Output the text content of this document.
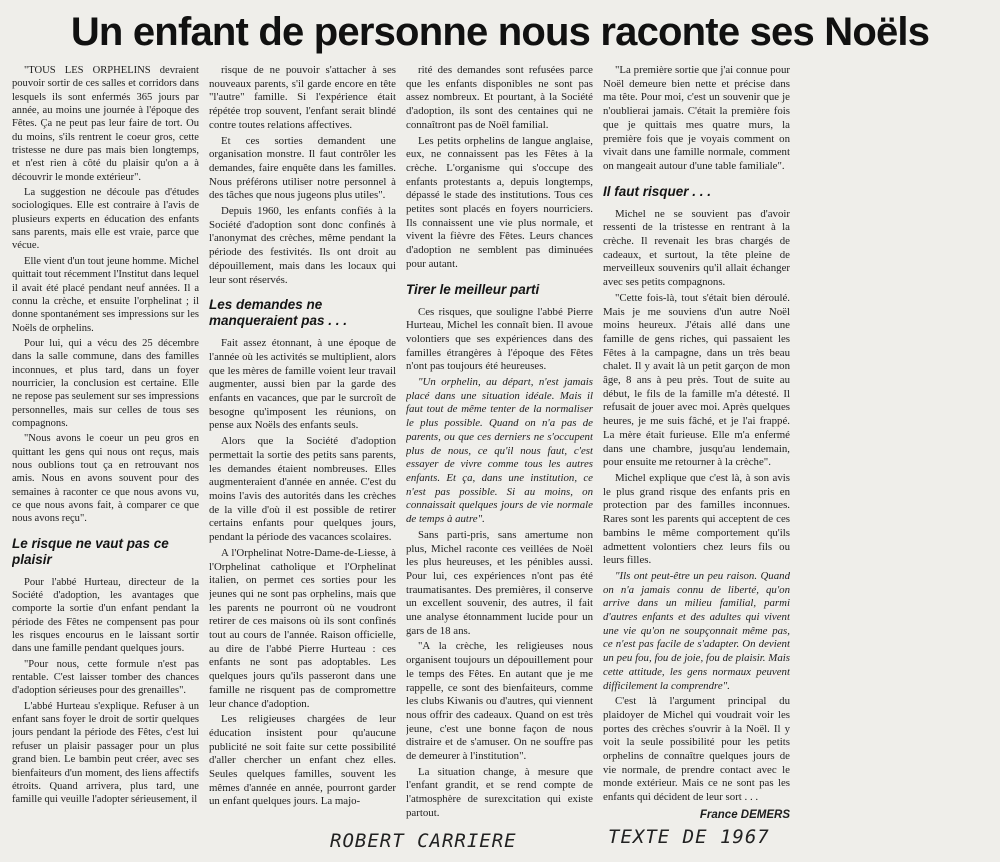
Un enfant de personne nous raconte ses Noëls

"TOUS LES ORPHELINS devraient pouvoir sortir de ces salles et corridors dans lesquels ils sont enfermés 365 jours par année, au moins une journée à l'époque des Fêtes. Ça ne peut pas leur faire de tort. Ou du moins, s'ils rentrent le coeur gros, cette tristesse ne dure pas mais bien longtemps, et n'est rien à côté du plaisir qu'on a à découvrir le monde extérieur".

La suggestion ne découle pas d'études sociologiques. Elle est contraire à l'avis de plusieurs experts en éducation des enfants sans parents, mais elle est vraie, parce que vécue.

Elle vient d'un tout jeune homme. Michel quittait tout récemment l'Institut dans lequel il avait été placé pendant neuf années. Il a connu la crèche, et ensuite l'orphelinat ; il donne spontanément ses impressions sur les Noëls de orphelins.

Pour lui, qui a vécu des 25 décembre dans la salle commune, dans des familles inconnues, et plus tard, dans un foyer nourricier, la conclusion est certaine. Elle ne repose pas seulement sur ses impressions personnelles, mais sur celles de tous ses compagnons.

"Nous avons le coeur un peu gros en quittant les gens qui nous ont reçus, mais nous oublions tout ça en retrouvant nos amis. Nous en avons souvent pour des semaines à raconter ce que nous avons vu, ce que nous avons fait, à comparer ce que nous avons reçu".

Le risque ne vaut pas ce plaisir

Pour l'abbé Hurteau, directeur de la Société d'adoption, les avantages que comporte la sortie d'un enfant pendant la période des Fêtes ne compensent pas pour les risques encourus en le laissant sortir dans une famille pendant quelques jours.

"Pour nous, cette formule n'est pas rentable. C'est laisser tomber des chances d'adoption sérieuses pour des grenailles".

L'abbé Hurteau s'explique. Refuser à un enfant sans foyer le droit de sortir quelques jours pendant la période des Fêtes, c'est lui refuser un plaisir passager pour un plus grand bien. Le bambin peut créer, avec ses bienfaiteurs d'un moment, des liens affectifs étroits. Quand arrivera, plus tard, une famille qui veuille l'adopter sérieusement, il

risque de ne pouvoir s'attacher à ses nouveaux parents, s'il garde encore en tête "l'autre" famille. Si l'expérience était répétée trop souvent, l'enfant serait blindé contre toutes relations affectives.

Et ces sorties demandent une organisation monstre. Il faut contrôler les demandes, faire enquête dans les familles. Nous préférons utiliser notre personnel à des tâches que nous jugeons plus utiles".

Depuis 1960, les enfants confiés à la Société d'adoption sont donc confinés à l'anonymat des crèches, même pendant la période des festivités. Ils ont droit au dépouillement, mais dans les locaux qui leur sont réservés.

Les demandes ne manqueraient pas . . .

Fait assez étonnant, à une époque de l'année où les activités se multiplient, alors que les mères de famille voient leur travail augmenter, aussi bien par la garde des enfants en vacances, que par le surcroît de besogne qu'imposent les réunions, on pense aux Noëls des enfants seuls.

Alors que la Société d'adoption permettait la sortie des petits sans parents, les demandes étaient nombreuses. Elles augmenteraient d'année en année. C'est du moins l'avis des autorités dans les crèches de la ville d'où il est possible de retirer certains enfants pour quelques jours, pendant la période des vacances scolaires.

A l'Orphelinat Notre-Dame-de-Liesse, à l'Orphelinat catholique et l'Orphelinat italien, on permet ces sorties pour les jeunes qui ne sont pas orphelins, mais que les parents ne pourront où ne voudront retirer de ces maisons où ils sont confinés tout au cours de l'année. Raison officielle, au dire de l'abbé Pierre Hurteau : ces enfants ne sont pas adoptables. Les quelques jours qu'ils passeront dans une famille ne risquent pas de compromettre leur chance d'adoption.

Les religieuses chargées de leur éducation insistent pour qu'aucune publicité ne soit faite sur cette possibilité d'aller chercher un enfant chez elles. Seules quelques familles, souvent les mêmes d'année en année, pourront garder un enfant quelques jours. La majo-

rité des demandes sont refusées parce que les enfants disponibles ne sont pas assez nombreux. Et pourtant, à la Société d'adoption, ils sont des centaines qui ne connaîtront pas de Noël familial.

Les petits orphelins de langue anglaise, eux, ne connaissent pas les Fêtes à la crèche. L'organisme qui s'occupe des enfants protestants a, depuis longtemps, dépassé le stade des institutions. Tous ces petites sont placés en foyers nourriciers. Ils connaissent une vie plus normale, et vivent la fièvre des Fêtes. Leurs chances d'adoption ne semblent pas diminuées pour autant.

Tirer le meilleur parti

Ces risques, que souligne l'abbé Pierre Hurteau, Michel les connaît bien. Il avoue volontiers que ses expériences dans des familles étrangères à l'époque des Fêtes n'ont pas toujours été heureuses.

"Un orphelin, au départ, n'est jamais placé dans une situation idéale. Mais il faut tout de même tenter de la normaliser le plus possible. Quand on n'a pas de parents, ou que ces derniers ne s'occupent plus de nous, ce qu'il nous faut, c'est essayer de vivre comme tous les autres enfants. Et ça, dans une institution, ce n'est pas possible. Si au moins, on connaissait quelques jours de vie normale de temps à autre".

Sans parti-pris, sans amertume non plus, Michel raconte ces veillées de Noël les plus heureuses, et les pénibles aussi. Pour lui, ces expériences n'ont pas été traumatisantes. Des premières, il conserve un excellent souvenir, des autres, il fait une analyse étonnamment lucide pour un gars de 18 ans.

"A la crèche, les religieuses nous organisent toujours un dépouillement pour le temps des Fêtes. En autant que je me rappelle, ce sont des bienfaiteurs, comme les clubs Kiwanis ou d'autres, qui viennent nous offrir des cadeaux. Quand on est très jeune, c'est une bonne façon de nous distraire et de s'amuser. On ne souffre pas de demeurer à l'institution".

La situation change, à mesure que l'enfant grandit, et se rend compte de l'atmosphère de surexcitation qui existe partout.

"La première sortie que j'ai connue pour Noël demeure bien nette et précise dans ma tête. Pour moi, c'est un souvenir que je n'oublierai jamais. C'était la première fois que je quittais mes quatre murs, la première fois que je voyais comment on vivait dans une famille normale, comment on mangeait autour d'une table familiale".

Il faut risquer . . .

Michel ne se souvient pas d'avoir ressenti de la tristesse en rentrant à la crèche. Il revenait les bras chargés de cadeaux, et surtout, la tête pleine de merveilleux souvenirs qu'il allait échanger avec ses petits compagnons.

"Cette fois-là, tout s'était bien déroulé. Mais je me souviens d'un autre Noël moins heureux. J'étais allé dans une famille de gens riches, qui passaient les Fêtes à la campagne, dans un très beau chalet. Il y avait là un petit garçon de mon âge, 8 ans à peu près. Tout de suite au début, le fils de la famille m'a détesté. Il refusait de jouer avec moi. Après quelques heures, je me suis fâché, et je l'ai frappé. La mère était furieuse. Elle m'a enfermé dans une chambre, jusqu'au lendemain, pour ensuite me retourner à la crèche".

Michel explique que c'est là, à son avis le plus grand risque des enfants pris en protection par des familles inconnues. Rares sont les parents qui acceptent de ces bambins le même comportement qu'ils admettent volontiers chez leurs fils ou leurs filles.

"Ils ont peut-être un peu raison. Quand on n'a jamais connu de liberté, qu'on arrive dans un milieu familial, parmi d'autres enfants et des adultes qui vivent une vie qu'on ne soupçonnait même pas, ce n'est pas facile de s'adapter. On devient un peu fou, fou de joie, fou de plaisir. Mais cette attitude, les gens normaux peuvent difficilement la comprendre".

C'est là l'argument principal du plaidoyer de Michel qui voudrait voir les portes des crèches s'ouvrir à la Noël. Il y voit la seule possibilité pour les petits orphelins de connaître quelques jours de vie normale, de prendre contact avec le monde extérieur. Mais ce ne sont pas les enfants qui décident de leur sort . . .

France DEMERS
ROBERT CARRIERE	TEXTE DE 1967
